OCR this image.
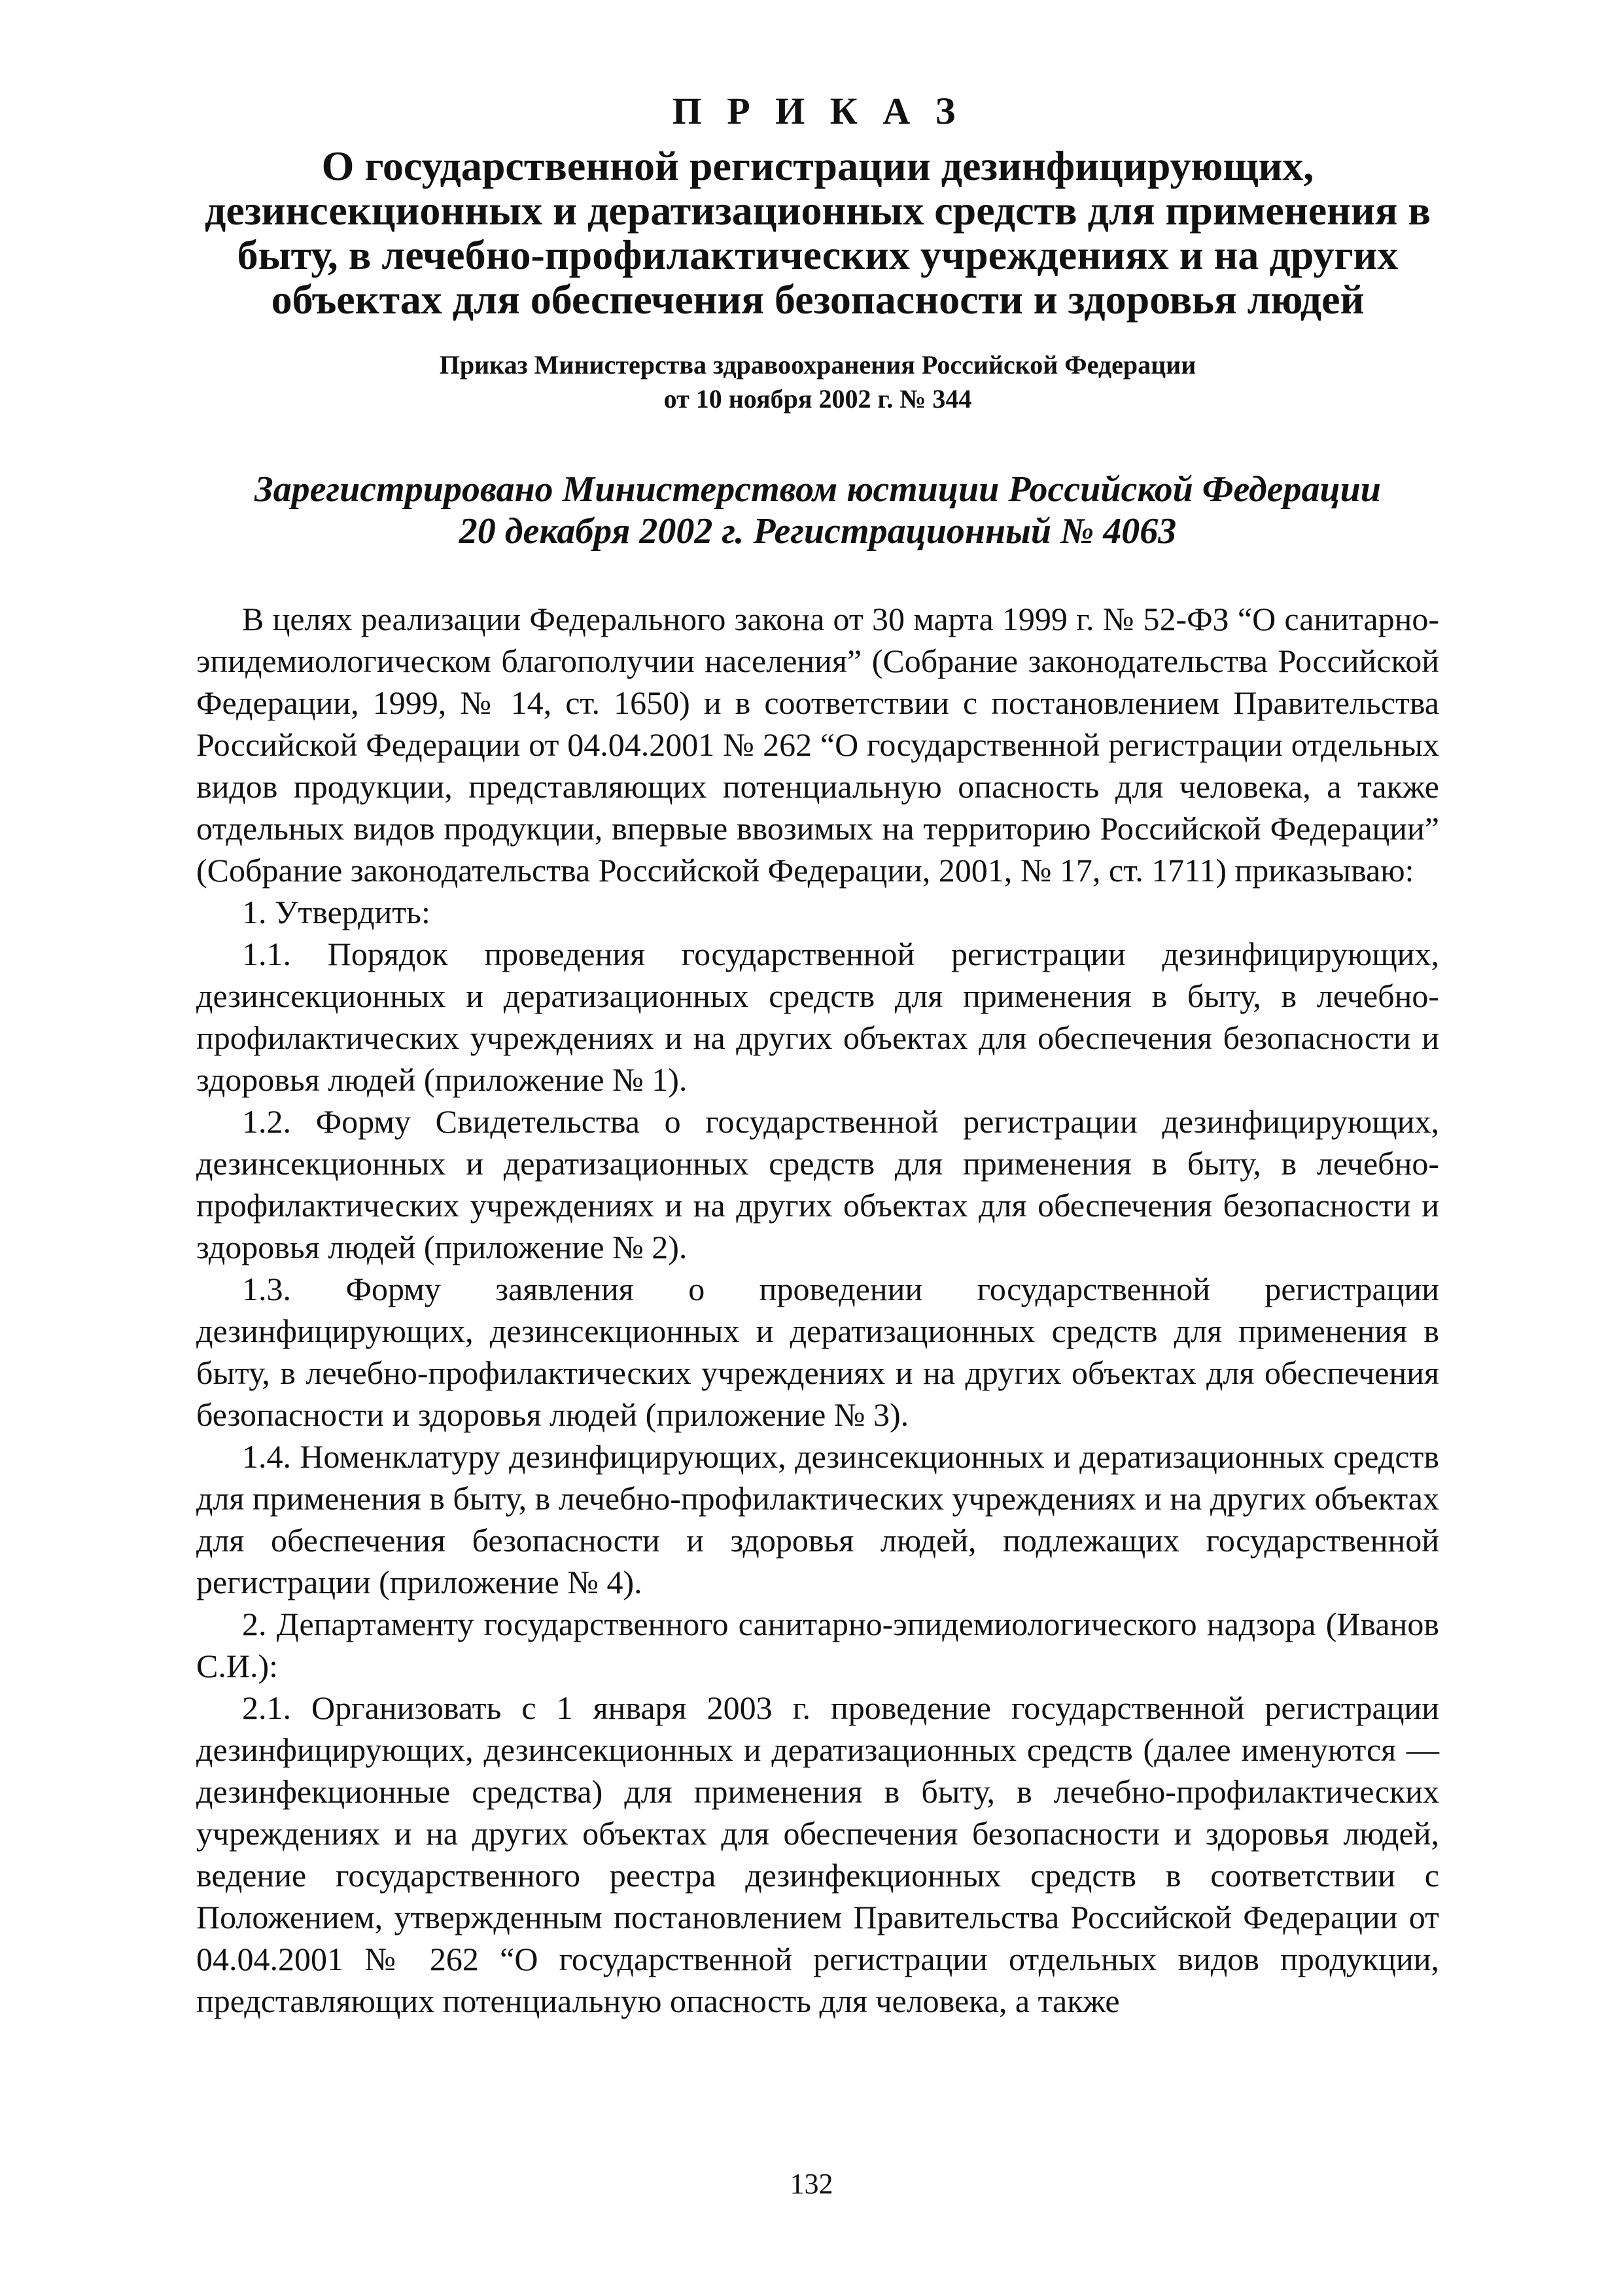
П Р И К А З
О государственной регистрации дезинфицирующих, дезинсекционных и дератизационных средств для применения в быту, в лечебно-профилактических учреждениях и на других объектах для обеспечения безопасности и здоровья людей
Приказ Министерства здравоохранения Российской Федерации
от 10 ноября 2002 г. № 344
Зарегистрировано Министерством юстиции Российской Федерации
20 декабря 2002 г. Регистрационный № 4063

В целях реализации Федерального закона от 30 марта 1999 г. № 52-ФЗ “О санитарно-эпидемиологическом благополучии населения” (Собрание законодательства Российской Федерации, 1999, № 14, ст. 1650) и в соответствии с постановлением Правительства Российской Федерации от 04.04.2001 № 262 “О государственной регистрации отдельных видов продукции, представляющих потенциальную опасность для человека, а также отдельных видов продукции, впервые ввозимых на территорию Российской Федерации” (Собрание законодательства Российской Федерации, 2001, № 17, ст. 1711) приказываю:

1. Утвердить:

1.1. Порядок проведения государственной регистрации дезинфицирующих, дезинсекционных и дератизационных средств для применения в быту, в лечебно-профилактических учреждениях и на других объектах для обеспечения безопасности и здоровья людей (приложение № 1).

1.2. Форму Свидетельства о государственной регистрации дезинфицирующих, дезинсекционных и дератизационных средств для применения в быту, в лечебно-профилактических учреждениях и на других объектах для обеспечения безопасности и здоровья людей (приложение № 2).

1.3. Форму заявления о проведении государственной регистрации дезинфицирующих, дезинсекционных и дератизационных средств для применения в быту, в лечебно-профилактических учреждениях и на других объектах для обеспечения безопасности и здоровья людей (приложение № 3).

1.4. Номенклатуру дезинфицирующих, дезинсекционных и дератизационных средств для применения в быту, в лечебно-профилактических учреждениях и на других объектах для обеспечения безопасности и здоровья людей, подлежащих государственной регистрации (приложение № 4).

2. Департаменту государственного санитарно-эпидемиологического надзора (Иванов С.И.):

2.1. Организовать с 1 января 2003 г. проведение государственной регистрации дезинфицирующих, дезинсекционных и дератизационных средств (далее именуются — дезинфекционные средства) для применения в быту, в лечебно-профилактических учреждениях и на других объектах для обеспечения безопасности и здоровья людей, ведение государственного реестра дезинфекционных средств в соответствии с Положением, утвержденным постановлением Правительства Российской Федерации от 04.04.2001 № 262 “О государственной регистрации отдельных видов продукции, представляющих потенциальную опасность для человека, а также

132
